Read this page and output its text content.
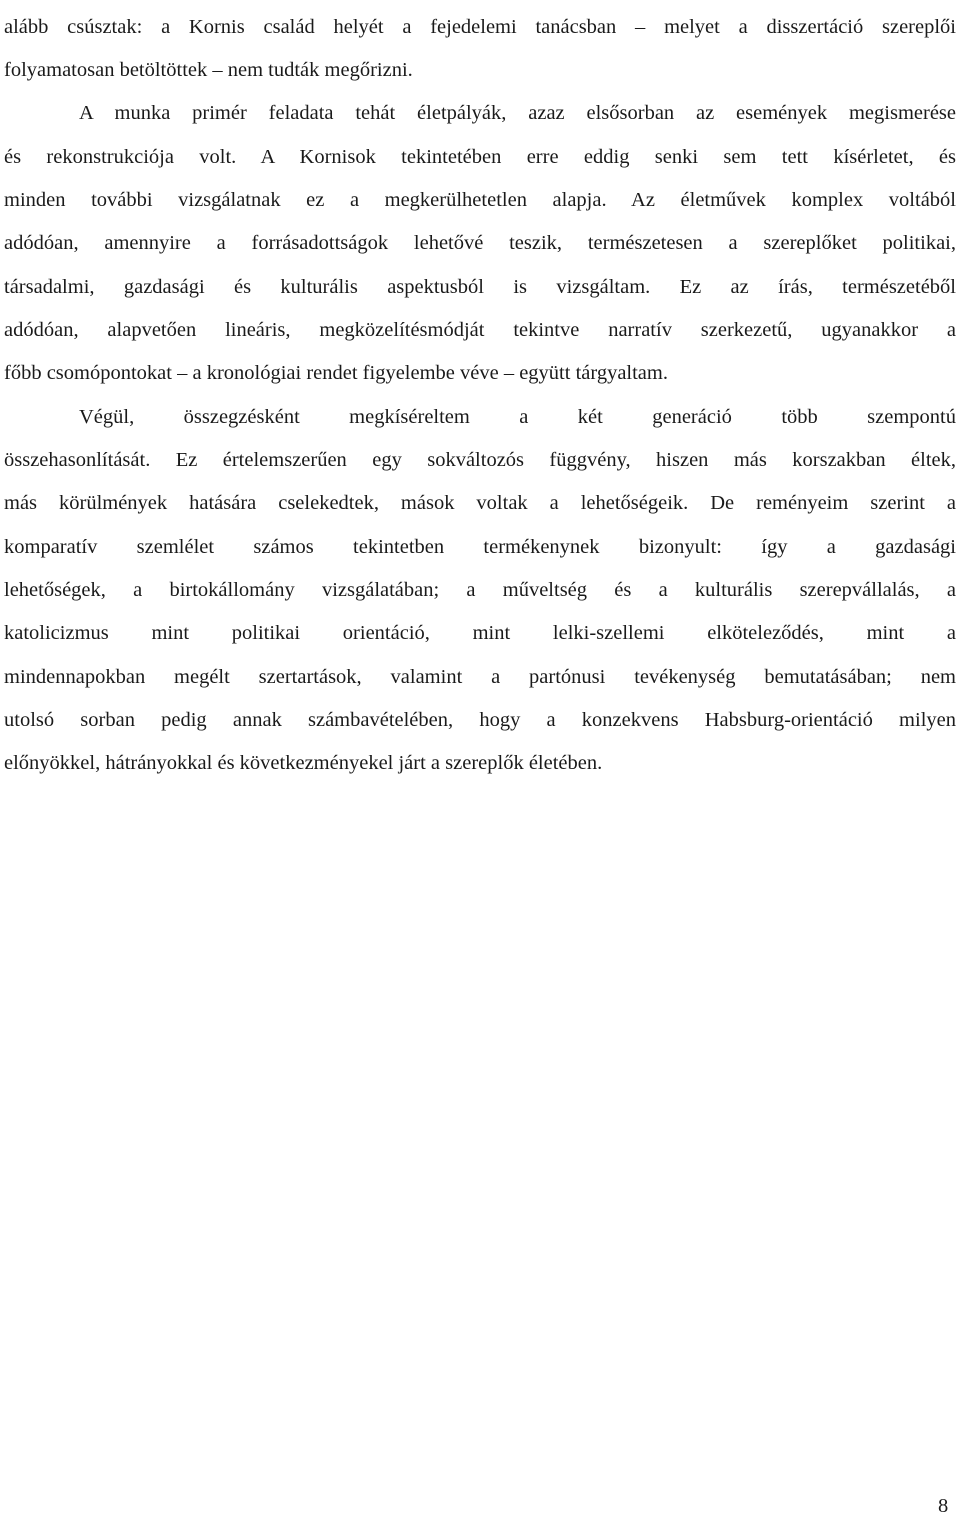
alább csúsztak: a Kornis család helyét a fejedelemi tanácsban – melyet a disszertáció szereplői
folyamatosan betöltöttek – nem tudták megőrizni.
A munka primér feladata tehát életpályák, azaz elsősorban az események megismerése
és rekonstrukciója volt. A Kornisok tekintetében erre eddig senki sem tett kísérletet, és
minden további vizsgálatnak ez a megkerülhetetlen alapja. Az életművek komplex voltából
adódóan, amennyire a forrásadottságok lehetővé teszik, természetesen a szereplőket politikai,
társadalmi, gazdasági és kulturális aspektusból is vizsgáltam. Ez az írás, természetéből
adódóan, alapvetően lineáris, megközelítésmódját tekintve narratív szerkezetű, ugyanakkor a
főbb csomópontokat – a kronológiai rendet figyelembe véve – együtt tárgyaltam.
Végül, összegzésként megkíséreltem a két generáció több szempontú
összehasonlítását. Ez értelemszerűen egy sokváltozós függvény, hiszen más korszakban éltek,
más körülmények hatására cselekedtek, mások voltak a lehetőségeik. De reményeim szerint a
komparatív szemlélet számos tekintetben termékenynek bizonyult: így a gazdasági
lehetőségek, a birtokállomány vizsgálatában; a műveltség és a kulturális szerepvállalás, a
katolicizmus mint politikai orientáció, mint lelki-szellemi elköteleződés, mint a
mindennapokban megélt szertartások, valamint a partónusi tevékenység bemutatásában; nem
utolsó sorban pedig annak számbavételében, hogy a konzekvens Habsburg-orientáció milyen
előnyökkel, hátrányokkal és következményekel járt a szereplők életében.
8
